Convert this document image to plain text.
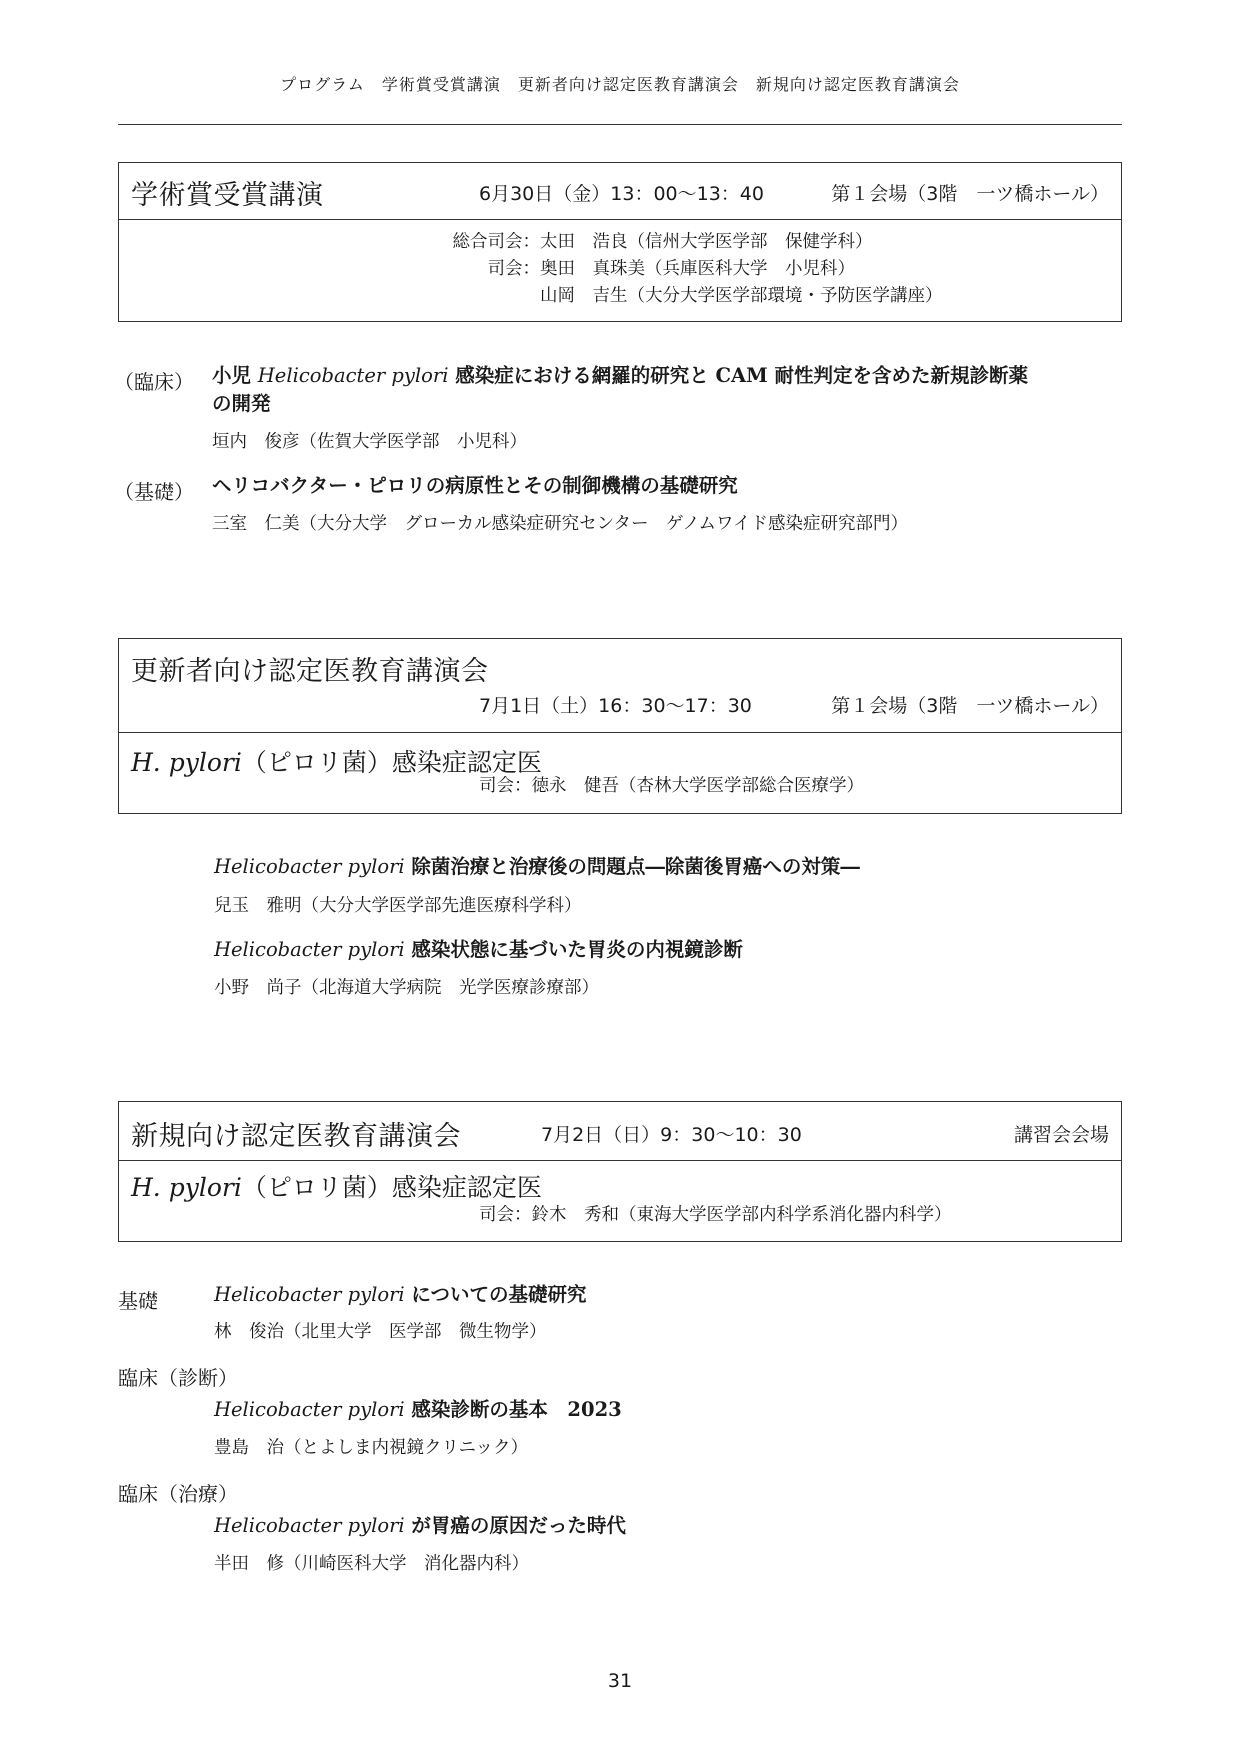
プログラム　学術賞受賞講演　更新者向け認定医教育講演会　新規向け認定医教育講演会
学術賞受賞講演	6月30日（金）13：00～13：40	第１会場（3階　一ツ橋ホール）
総合司会：太田　浩良（信州大学医学部　保健学科）
司会：奥田　真珠美（兵庫医科大学　小児科）
山岡　吉生（大分大学医学部環境・予防医学講座）
（臨床） 小児 Helicobacter pylori 感染症における網羅的研究と CAM 耐性判定を含めた新規診断薬
の開発
垣内　俊彦（佐賀大学医学部　小児科）
（基礎） ヘリコバクター・ピロリの病原性とその制御機構の基礎研究
三室　仁美（大分大学　グローカル感染症研究センター　ゲノムワイド感染症研究部門）
更新者向け認定医教育講演会
7月1日（土）16：30～17：30	第１会場（3階　一ツ橋ホール）
H. pylori（ピロリ菌）感染症認定医
司会：徳永　健吾（杏林大学医学部総合医療学）
Helicobacter pylori 除菌治療と治療後の問題点―除菌後胃癌への対策―
兒玉　雅明（大分大学医学部先進医療科学科）
Helicobacter pylori 感染状態に基づいた胃炎の内視鏡診断
小野　尚子（北海道大学病院　光学医療診療部）
新規向け認定医教育講演会	7月2日（日）9：30～10：30	講習会会場
H. pylori（ピロリ菌）感染症認定医
司会：鈴木　秀和（東海大学医学部内科学系消化器内科学）
基礎	Helicobacter pylori についての基礎研究
林　俊治（北里大学　医学部　微生物学）
臨床（診断）
Helicobacter pylori 感染診断の基本　2023
豊島　治（とよしま内視鏡クリニック）
臨床（治療）
Helicobacter pylori が胃癌の原因だった時代
半田　修（川崎医科大学　消化器内科）
31
